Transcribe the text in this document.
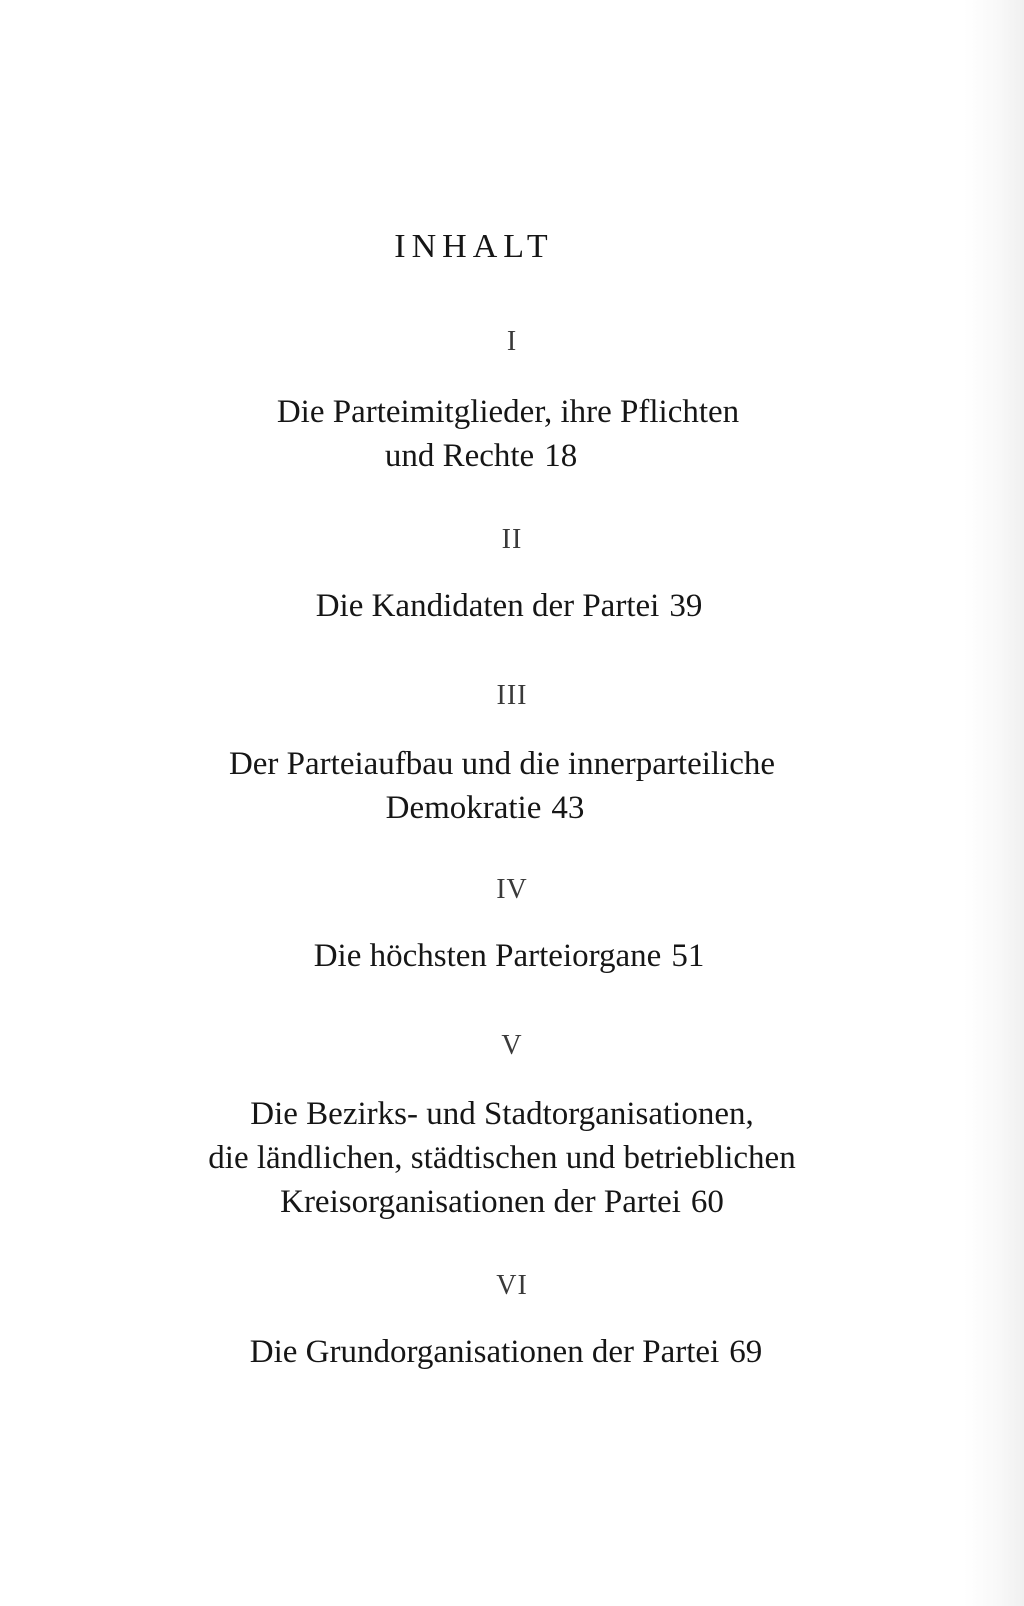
INHALT
I
Die Parteimitglieder, ihre Pflichten
und Rechte 18
II
Die Kandidaten der Partei 39
III
Der Parteiaufbau und die innerparteiliche
Demokratie 43
IV
Die höchsten Parteiorgane 51
V
Die Bezirks- und Stadtorganisationen,
die ländlichen, städtischen und betrieblichen
Kreisorganisationen der Partei 60
VI
Die Grundorganisationen der Partei 69
